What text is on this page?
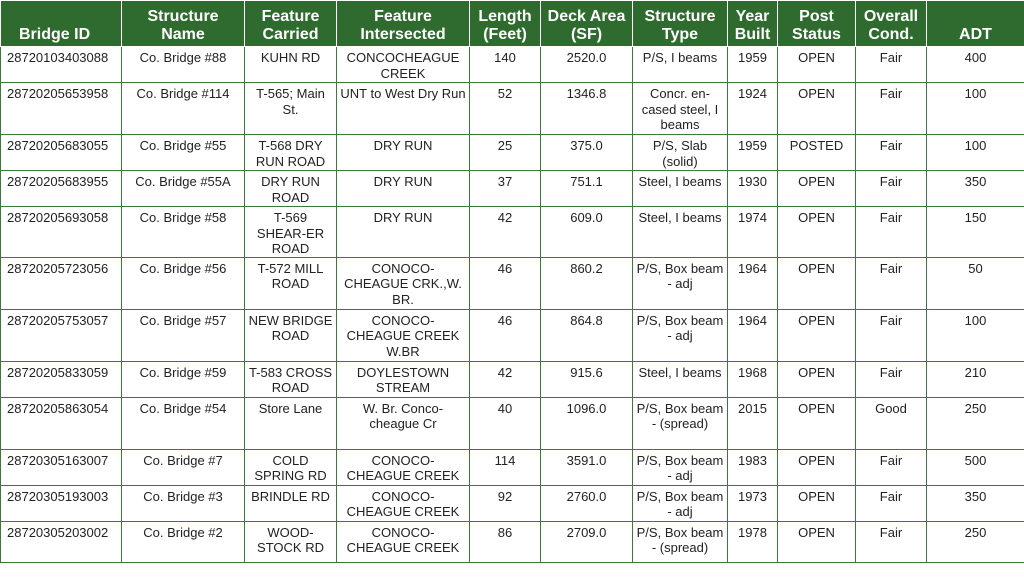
Bridge ID	Structure Name	Feature Carried	Feature Intersected	Length (Feet)	Deck Area (SF)	Structure Type	Year Built	Post Status	Overall Cond.	ADT
28720103403088	Co. Bridge #88	KUHN RD	CONCOCHEAGUE CREEK	140	2520.0	P/S, I beams	1959	OPEN	Fair	400
28720205653958	Co. Bridge #114	T-565; Main St.	UNT to West Dry Run	52	1346.8	Concr. en-cased steel, I beams	1924	OPEN	Fair	100
28720205683055	Co. Bridge #55	T-568 DRY RUN ROAD	DRY RUN	25	375.0	P/S, Slab (solid)	1959	POSTED	Fair	100
28720205683955	Co. Bridge #55A	DRY RUN ROAD	DRY RUN	37	751.1	Steel, I beams	1930	OPEN	Fair	350
28720205693058	Co. Bridge #58	T-569 SHEAR-ER ROAD	DRY RUN	42	609.0	Steel, I beams	1974	OPEN	Fair	150
28720205723056	Co. Bridge #56	T-572 MILL ROAD	CONOCO-CHEAGUE CRK.,W. BR.	46	860.2	P/S, Box beam - adj	1964	OPEN	Fair	50
28720205753057	Co. Bridge #57	NEW BRIDGE ROAD	CONOCO-CHEAGUE CREEK W.BR	46	864.8	P/S, Box beam - adj	1964	OPEN	Fair	100
28720205833059	Co. Bridge #59	T-583 CROSS ROAD	DOYLESTOWN STREAM	42	915.6	Steel, I beams	1968	OPEN	Fair	210
28720205863054	Co. Bridge #54	Store Lane	W. Br. Conco-cheague Cr	40	1096.0	P/S, Box beam - (spread)	2015	OPEN	Good	250
28720305163007	Co. Bridge #7	COLD SPRING RD	CONOCO-CHEAGUE CREEK	114	3591.0	P/S, Box beam - adj	1983	OPEN	Fair	500
28720305193003	Co. Bridge #3	BRINDLE RD	CONOCO-CHEAGUE CREEK	92	2760.0	P/S, Box beam - adj	1973	OPEN	Fair	350
28720305203002	Co. Bridge #2	WOOD-STOCK RD	CONOCO-CHEAGUE CREEK	86	2709.0	P/S, Box beam - (spread)	1978	OPEN	Fair	250
